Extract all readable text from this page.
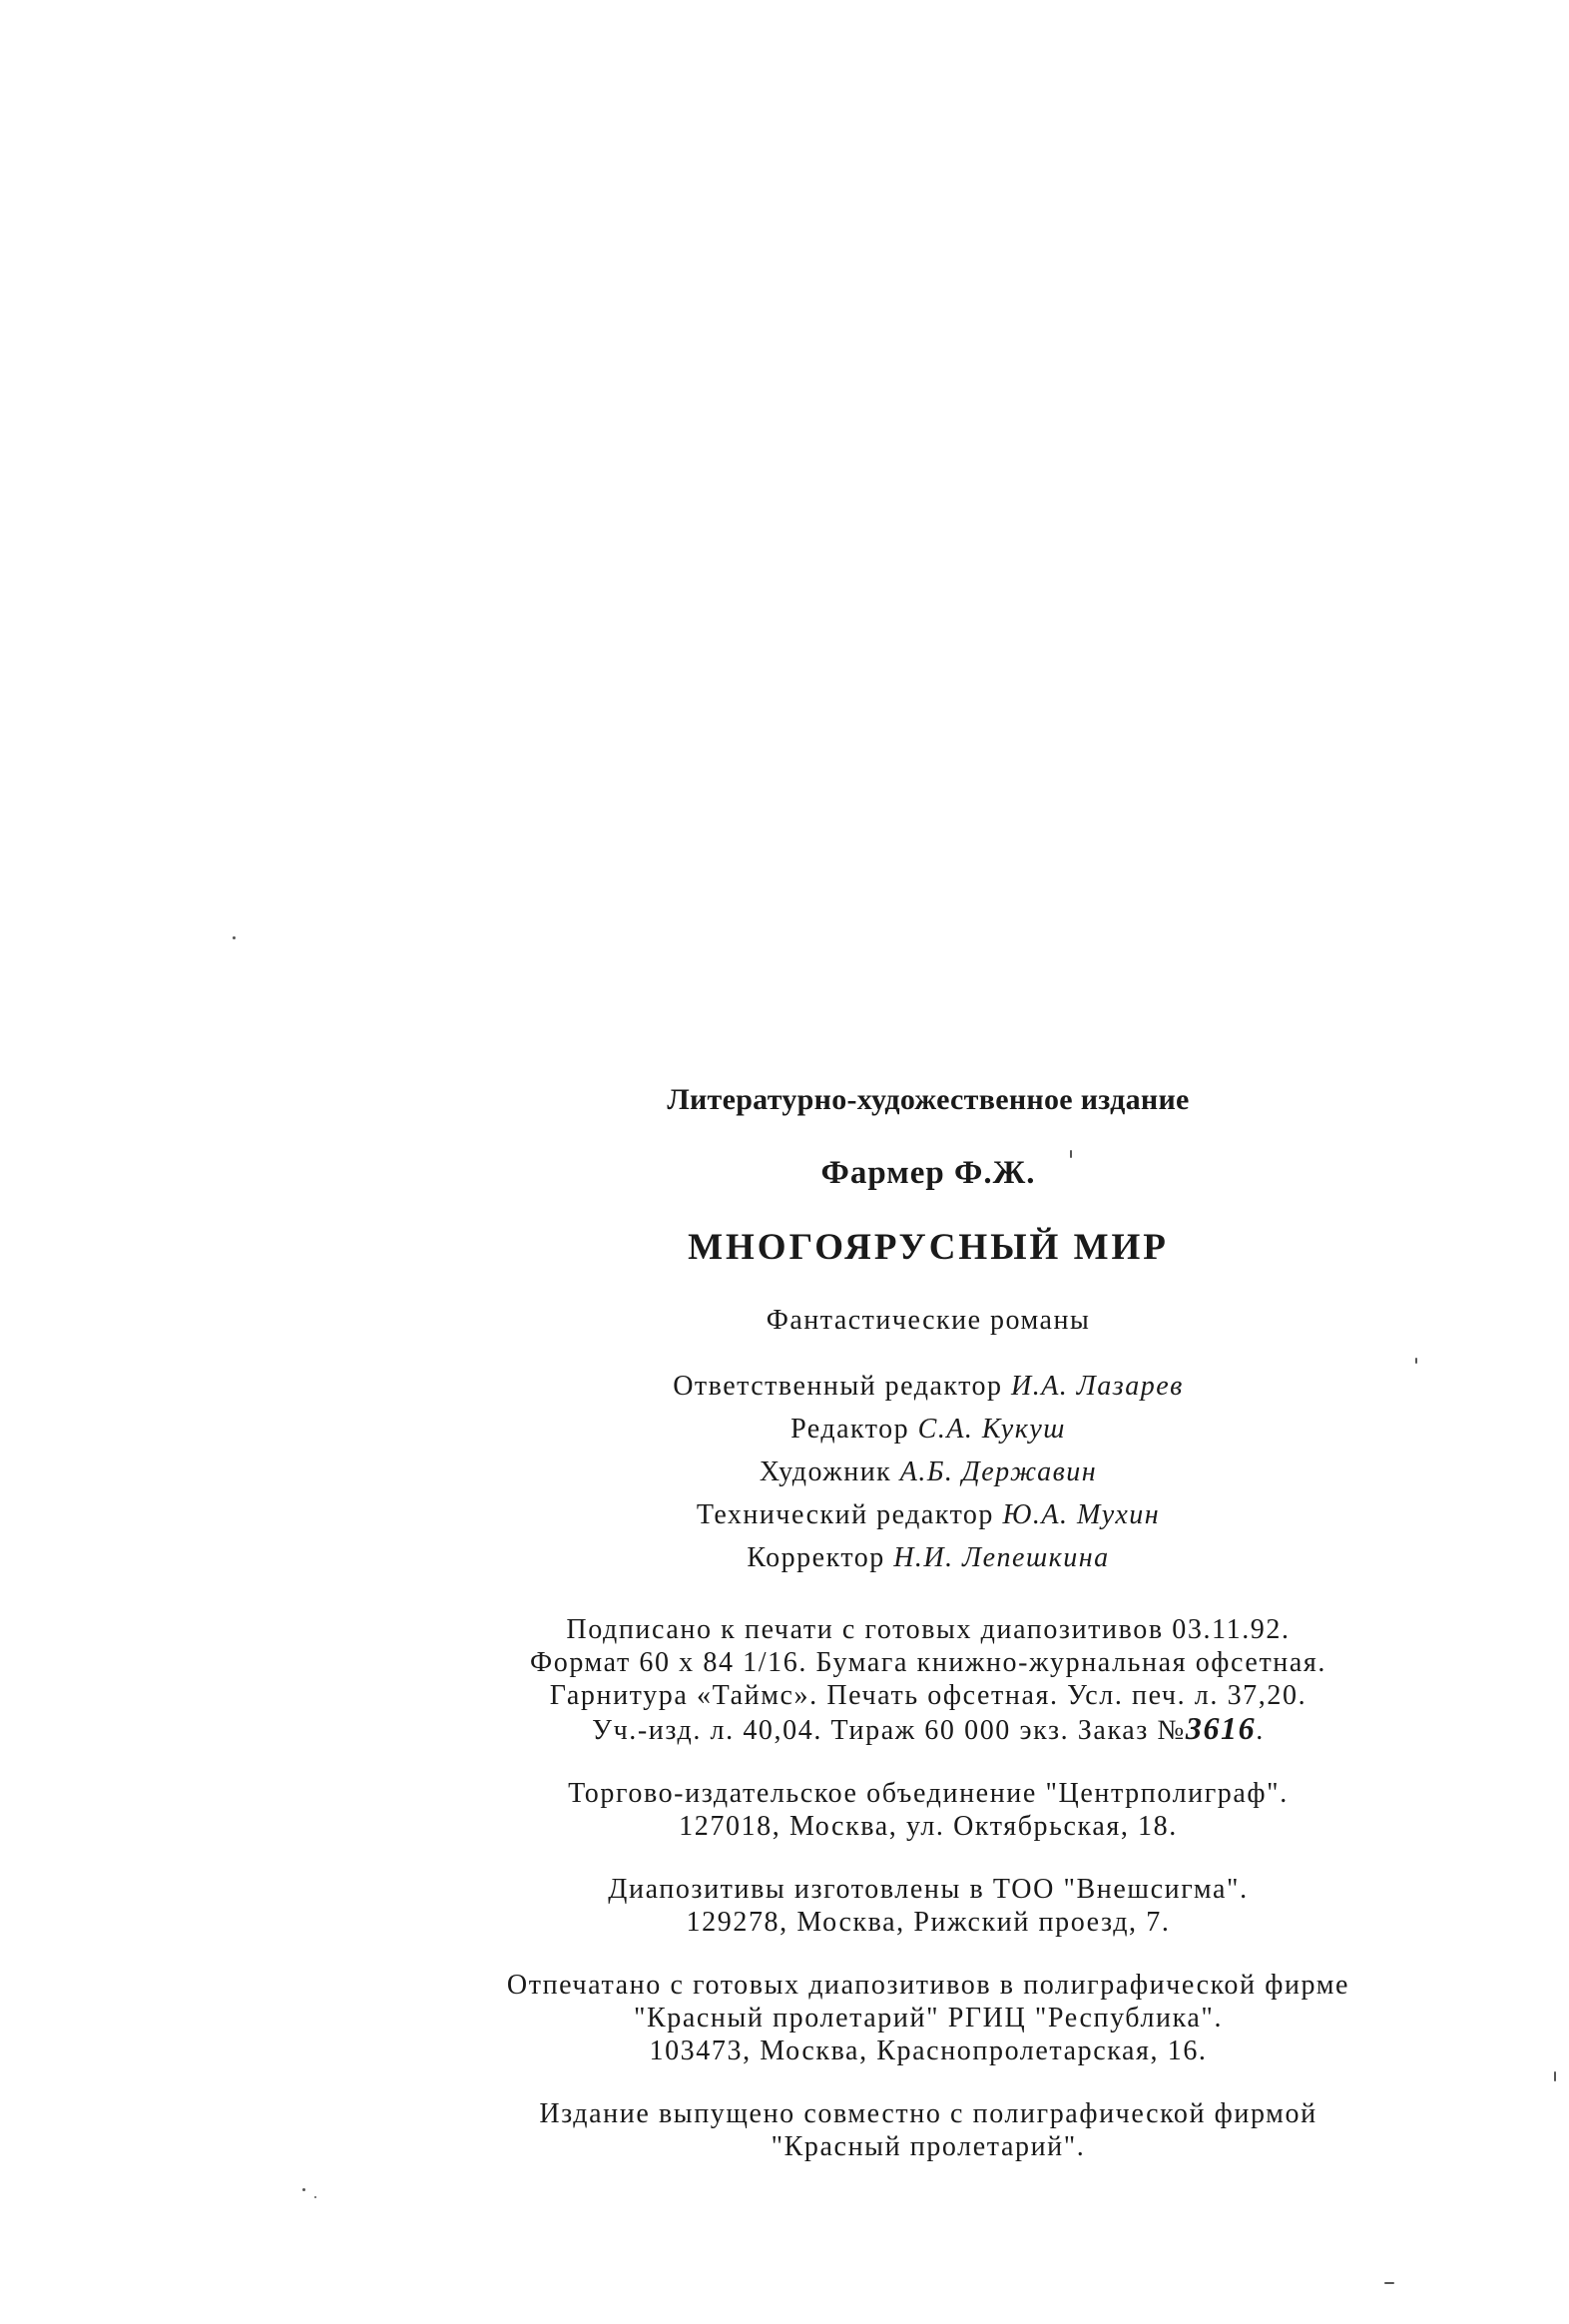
Литературно-художественное издание
Фармер Ф.Ж.
МНОГОЯРУСНЫЙ МИР
Фантастические романы
Ответственный редактор И.А. Лазарев
Редактор С.А. Кукуш
Художник А.Б. Державин
Технический редактор Ю.А. Мухин
Корректор Н.И. Лепешкина
Подписано к печати с готовых диапозитивов 03.11.92.
Формат 60 x 84 1/16. Бумага книжно-журнальная офсетная.
Гарнитура «Таймс». Печать офсетная. Усл. печ. л. 37,20.
Уч.-изд. л. 40,04. Тираж 60 000 экз. Заказ №3616.
Торгово-издательское объединение "Центрполиграф".
127018, Москва, ул. Октябрьская, 18.
Диапозитивы изготовлены в ТОО "Внешсигма".
129278, Москва, Рижский проезд, 7.
Отпечатано с готовых диапозитивов в полиграфической фирме
"Красный пролетарий" РГИЦ "Республика".
103473, Москва, Краснопролетарская, 16.
Издание выпущено совместно с полиграфической фирмой
"Красный пролетарий".
